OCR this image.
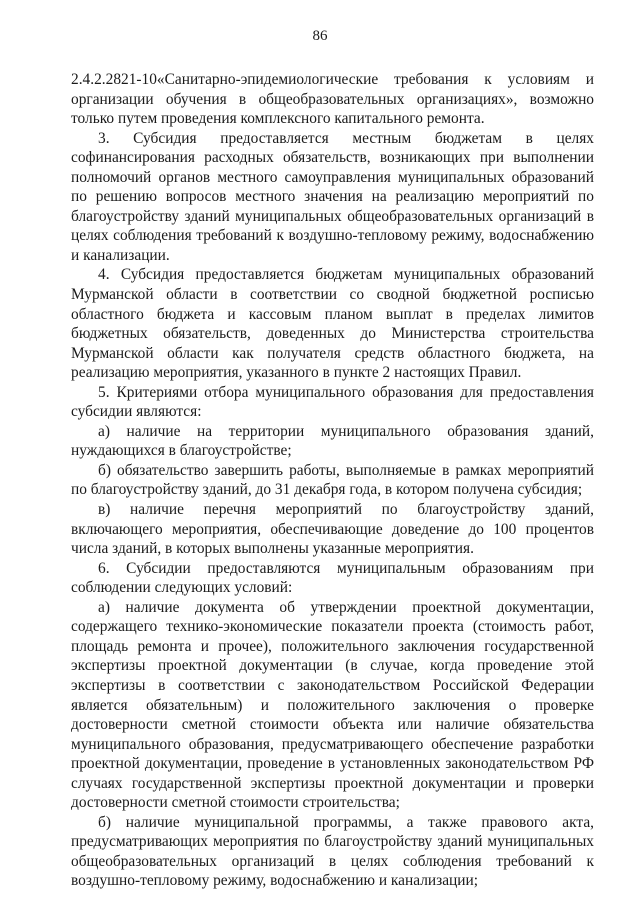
86

2.4.2.2821-10«Санитарно-эпидемиологические требования к условиям и организации обучения в общеобразовательных организациях», возможно только путем проведения комплексного капитального ремонта.

3. Субсидия предоставляется местным бюджетам в целях софинансирования расходных обязательств, возникающих при выполнении полномочий органов местного самоуправления муниципальных образований по решению вопросов местного значения на реализацию мероприятий по благоустройству зданий муниципальных общеобразовательных организаций в целях соблюдения требований к воздушно-тепловому режиму, водоснабжению и канализации.

4. Субсидия предоставляется бюджетам муниципальных образований Мурманской области в соответствии со сводной бюджетной росписью областного бюджета и кассовым планом выплат в пределах лимитов бюджетных обязательств, доведенных до Министерства строительства Мурманской области как получателя средств областного бюджета, на реализацию мероприятия, указанного в пункте 2 настоящих Правил.

5. Критериями отбора муниципального образования для предоставления субсидии являются:

а) наличие на территории муниципального образования зданий, нуждающихся в благоустройстве;

б) обязательство завершить работы, выполняемые в рамках мероприятий по благоустройству зданий, до 31 декабря года, в котором получена субсидия;

в) наличие перечня мероприятий по благоустройству зданий, включающего мероприятия, обеспечивающие доведение до 100 процентов числа зданий, в которых выполнены указанные мероприятия.

6. Субсидии предоставляются муниципальным образованиям при соблюдении следующих условий:

а) наличие документа об утверждении проектной документации, содержащего технико-экономические показатели проекта (стоимость работ, площадь ремонта и прочее), положительного заключения государственной экспертизы проектной документации (в случае, когда проведение этой экспертизы в соответствии с законодательством Российской Федерации является обязательным) и положительного заключения о проверке достоверности сметной стоимости объекта или наличие обязательства муниципального образования, предусматривающего обеспечение разработки проектной документации, проведение в установленных законодательством РФ случаях государственной экспертизы проектной документации и проверки достоверности сметной стоимости строительства;

б) наличие муниципальной программы, а также правового акта, предусматривающих мероприятия по благоустройству зданий муниципальных общеобразовательных организаций в целях соблюдения требований к воздушно-тепловому режиму, водоснабжению и канализации;
